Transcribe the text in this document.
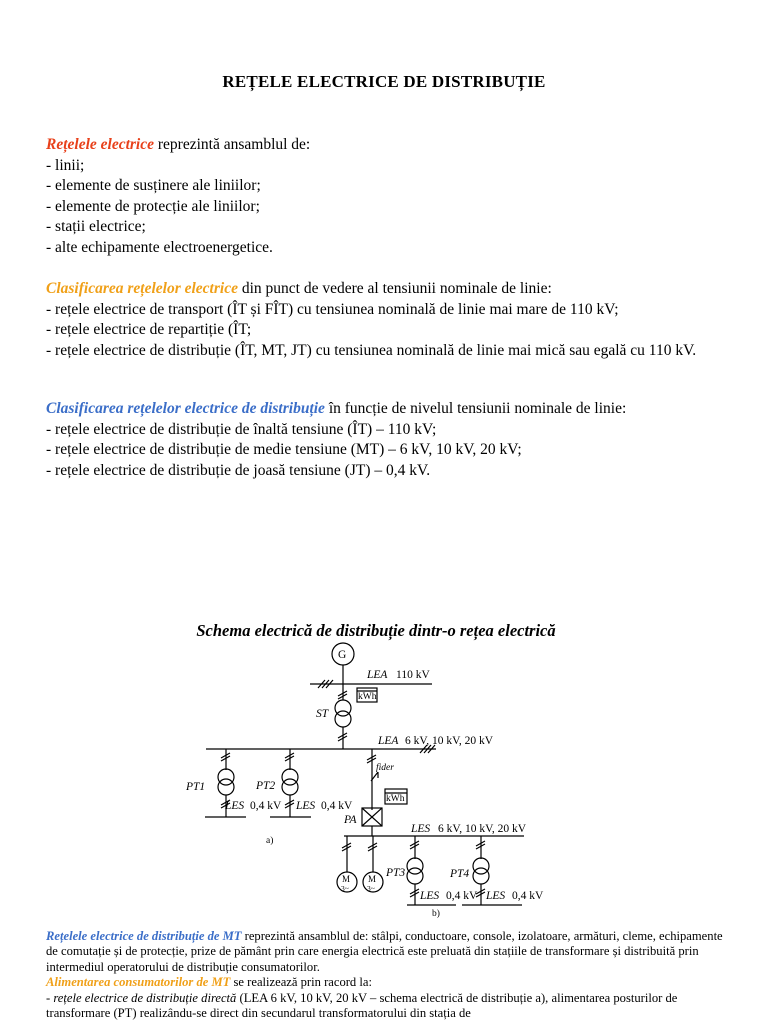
REȚELE ELECTRICE DE DISTRIBUȚIE

Rețelele electrice reprezintă ansamblul de:

- linii;

- elemente de susținere ale liniilor;

- elemente de protecție ale liniilor;

- stații electrice;

- alte echipamente electroenergetice.

Clasificarea rețelelor electrice din punct de vedere al tensiunii nominale de linie:

- rețele electrice de transport (ÎT și FÎT) cu tensiunea nominală de linie mai mare de 110 kV;

- rețele electrice de repartiție (ÎT;

- rețele electrice de distribuție (ÎT, MT, JT) cu tensiunea nominală de linie mai mică sau egală cu 110 kV.

Clasificarea rețelelor electrice de distribuție în funcție de nivelul tensiunii nominale de linie:

- rețele electrice de distribuție de înaltă tensiune (ÎT) – 110 kV;

- rețele electrice de distribuție de medie tensiune (MT) – 6 kV, 10 kV, 20 kV;

- rețele electrice de distribuție de joasă tensiune (JT) – 0,4 kV.

Schema electrică de distribuție dintr-o rețea electrică
G
LEA 110 kV
kWh
ST
LEA 6 kV, 10 kV, 20 kV
fider
kWh
PT1	PT2
LES 0,4 kV LES 0,4 kV
PA
a)
LES 6 kV, 10 kV, 20 kV
M
3~
M
3~
PT3	PT4
LES 0,4 kV LES 0,4 kV
b)

Rețelele electrice de distribuție de MT reprezintă ansamblul de: stâlpi, conductoare, console, izolatoare, armături, cleme, echipamente de comutație și de protecție, prize de pământ prin care energia electrică este preluată din stațiile de transformare și distribuită prin intermediul operatorului de distribuție consumatorilor.

Alimentarea consumatorilor de MT se realizează prin racord la:

- rețele electrice de distribuție directă (LEA 6 kV, 10 kV, 20 kV – schema electrică de distribuție a), alimentarea posturilor de transformare (PT) realizându-se direct din secundarul transformatorului din stația de
